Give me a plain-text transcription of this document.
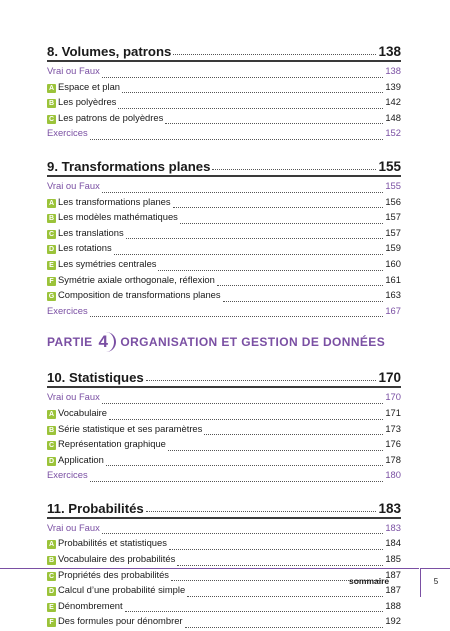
8. Volumes, patrons	138
Vrai ou Faux	138
A Espace et plan	139
B Les polyèdres	142
C Les patrons de polyèdres	148
Exercices	152
9. Transformations planes	155
Vrai ou Faux	155
A Les transformations planes	156
B Les modèles mathématiques	157
C Les translations	157
D Les rotations	159
E Les symétries centrales	160
F Symétrie axiale orthogonale, réflexion	161
G Composition de transformations planes	163
Exercices	167
PARTIE 4	ORGANISATION ET GESTION DE DONNÉES
10. Statistiques	170
Vrai ou Faux	170
A Vocabulaire	171
B Série statistique et ses paramètres	173
C Représentation graphique	176
D Application	178
Exercices	180
11. Probabilités	183
Vrai ou Faux	183
A Probabilités et statistiques	184
B Vocabulaire des probabilités	185
C Propriétés des probabilités	187
D Calcul d’une probabilité simple	187
E Dénombrement	188
F Des formules pour dénombrer	192
sommaire	5
